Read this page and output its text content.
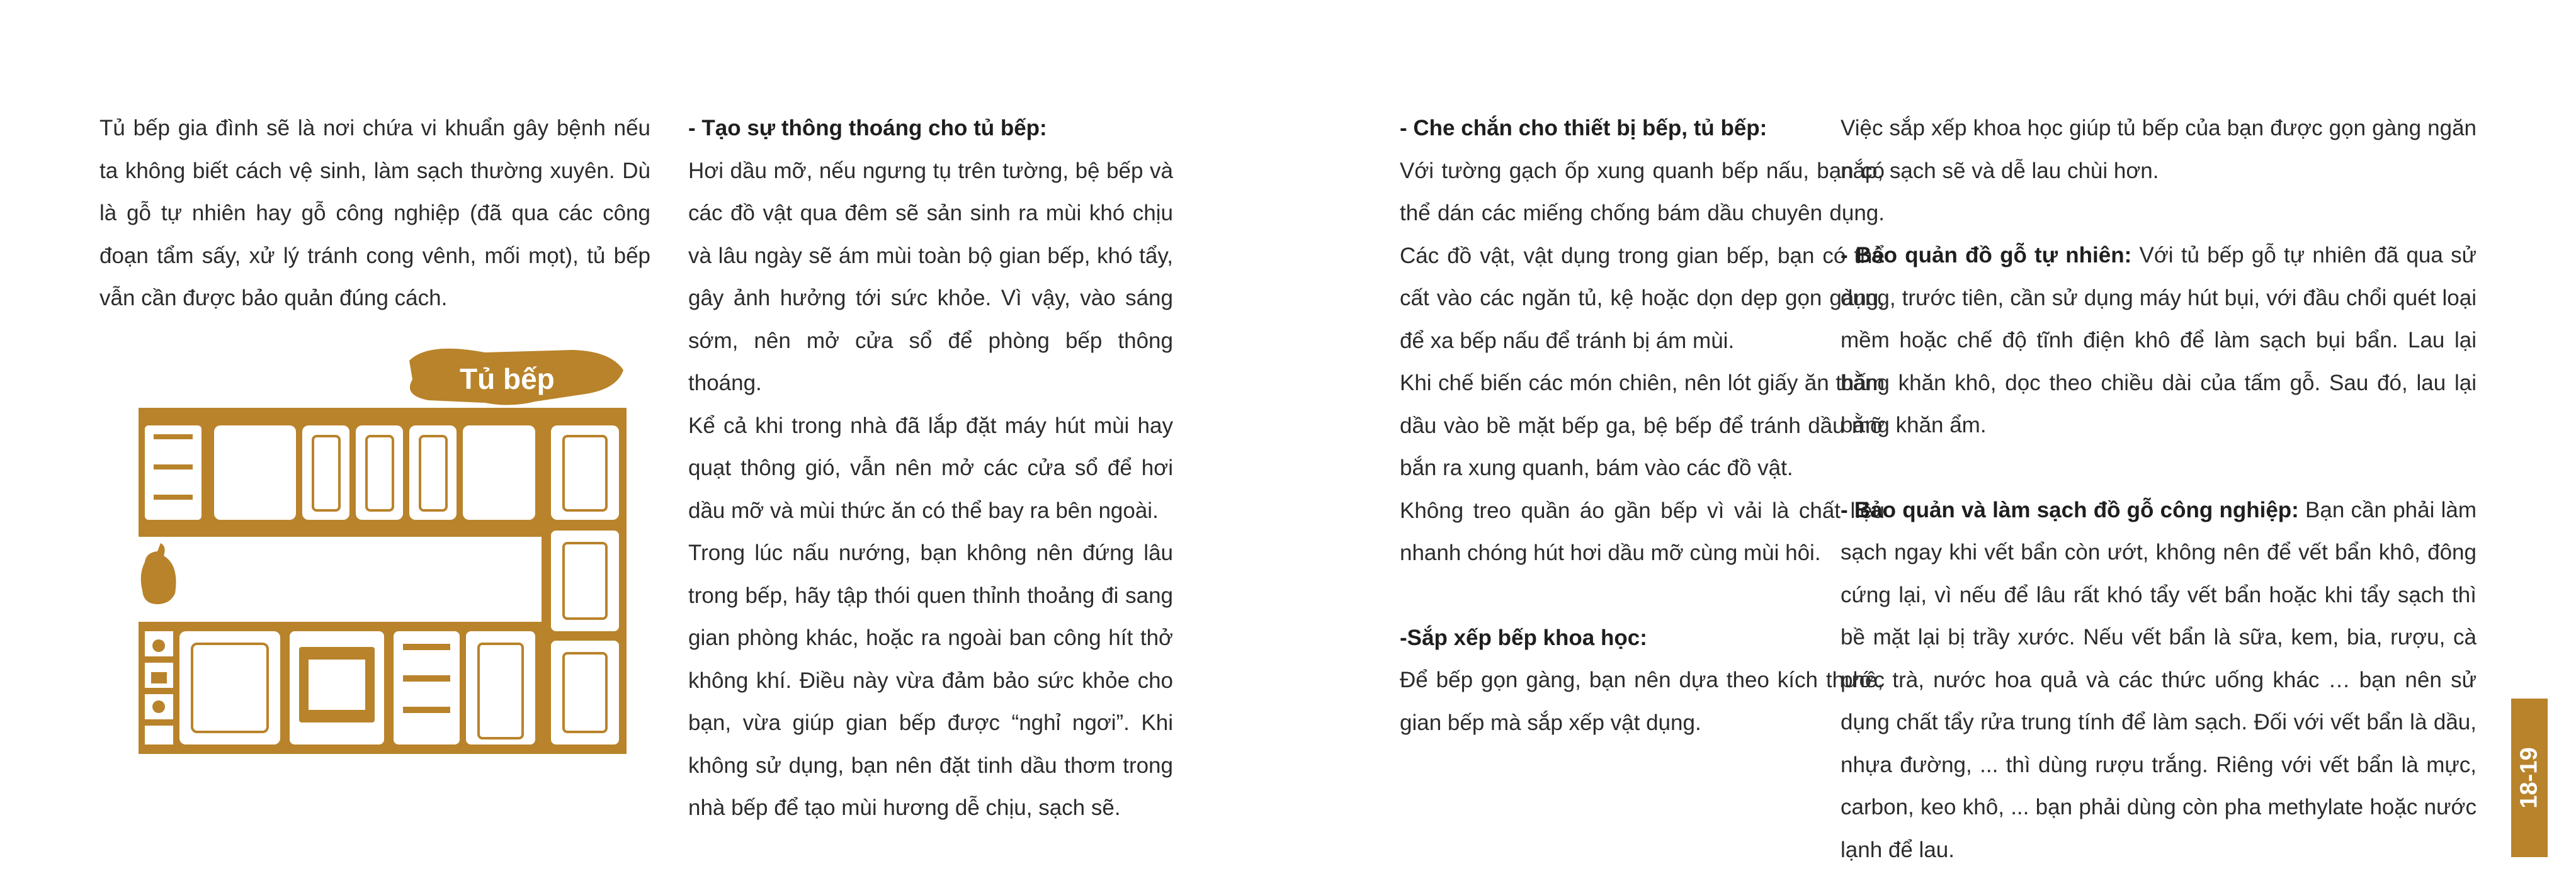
Tủ bếp gia đình sẽ là nơi chứa vi khuẩn gây bệnh nếu ta không biết cách vệ sinh, làm sạch thường xuyên. Dù là gỗ tự nhiên hay gỗ công nghiệp (đã qua các công đoạn tẩm sấy, xử lý tránh cong vênh, mối mọt), tủ bếp vẫn cần được bảo quản đúng cách.

Tủ bếp

- Tạo sự thông thoáng cho tủ bếp:

Hơi dầu mỡ, nếu ngưng tụ trên tường, bệ bếp và các đồ vật qua đêm sẽ sản sinh ra mùi khó chịu và lâu ngày sẽ ám mùi toàn bộ gian bếp, khó tẩy, gây ảnh hưởng tới sức khỏe. Vì vậy, vào sáng sớm, nên mở cửa sổ để phòng bếp thông thoáng.

Kể cả khi trong nhà đã lắp đặt máy hút mùi hay quạt thông gió, vẫn nên mở các cửa sổ để hơi dầu mỡ và mùi thức ăn có thể bay ra bên ngoài.

Trong lúc nấu nướng, bạn không nên đứng lâu trong bếp, hãy tập thói quen thỉnh thoảng đi sang gian phòng khác, hoặc ra ngoài ban công hít thở không khí. Điều này vừa đảm bảo sức khỏe cho bạn, vừa giúp gian bếp được “nghỉ ngơi”. Khi không sử dụng, bạn nên đặt tinh dầu thơm trong nhà bếp để tạo mùi hương dễ chịu, sạch sẽ.

- Che chắn cho thiết bị bếp, tủ bếp:

Với tường gạch ốp xung quanh bếp nấu, bạn có thể dán các miếng chống bám dầu chuyên dụng. Các đồ vật, vật dụng trong gian bếp, bạn có thể cất vào các ngăn tủ, kệ hoặc dọn dẹp gọn gàng, để xa bếp nấu để tránh bị ám mùi.

Khi chế biến các món chiên, nên lót giấy ăn thấm dầu vào bề mặt bếp ga, bệ bếp để tránh dầu mỡ bắn ra xung quanh, bám vào các đồ vật.

Không treo quần áo gần bếp vì vải là chất liệu nhanh chóng hút hơi dầu mỡ cùng mùi hôi.

-Sắp xếp bếp khoa học:

Để bếp gọn gàng, bạn nên dựa theo kích thước gian bếp mà sắp xếp vật dụng.

Việc sắp xếp khoa học giúp tủ bếp của bạn được gọn gàng ngăn nắp, sạch sẽ và dễ lau chùi hơn.

- Bảo quản đồ gỗ tự nhiên: Với tủ bếp gỗ tự nhiên đã qua sử dụng, trước tiên, cần sử dụng máy hút bụi, với đầu chổi quét loại mềm hoặc chế độ tĩnh điện khô để làm sạch bụi bẩn. Lau lại bằng khăn khô, dọc theo chiều dài của tấm gỗ. Sau đó, lau lại bằng khăn ẩm.

- Bảo quản và làm sạch đồ gỗ công nghiệp: Bạn cần phải làm sạch ngay khi vết bẩn còn ướt, không nên để vết bẩn khô, đông cứng lại, vì nếu để lâu rất khó tẩy vết bẩn hoặc khi tẩy sạch thì bề mặt lại bị trầy xước. Nếu vết bẩn là sữa, kem, bia, rượu, cà phê, trà, nước hoa quả và các thức uống khác … bạn nên sử dụng chất tẩy rửa trung tính để làm sạch. Đối với vết bẩn là dầu, nhựa đường, ... thì dùng rượu trắng. Riêng với vết bẩn là mực, carbon, keo khô, ... bạn phải dùng còn pha methylate hoặc nước lạnh để lau.

18-19
